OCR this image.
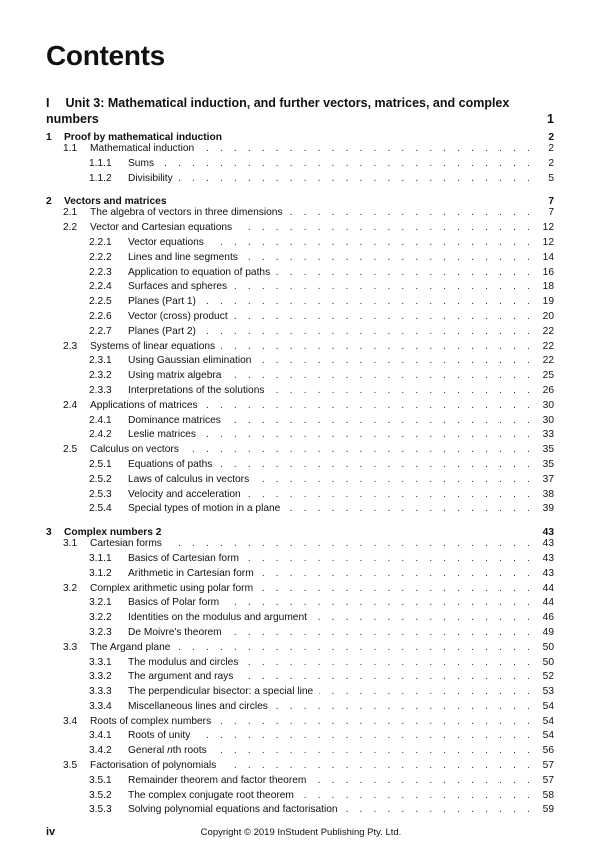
Contents
I Unit 3: Mathematical induction, and further vectors, matrices, and complex numbers	1
1	Proof by mathematical induction	2
1.1	Mathematical induction . . .	2
1.1.1	Sums . . .	2
1.1.2	Divisibility . . .	5
2	Vectors and matrices	7
2.1	The algebra of vectors in three dimensions . . .	7
2.2	Vector and Cartesian equations . . .	12
2.2.1	Vector equations . . .	12
2.2.2	Lines and line segments . . .	14
2.2.3	Application to equation of paths . . .	16
2.2.4	Surfaces and spheres . . .	18
2.2.5	Planes (Part 1) . . .	19
2.2.6	Vector (cross) product . . .	20
2.2.7	Planes (Part 2) . . .	22
2.3	Systems of linear equations . . .	22
2.3.1	Using Gaussian elimination . . .	22
2.3.2	Using matrix algebra . . .	25
2.3.3	Interpretations of the solutions . . .	26
2.4	Applications of matrices . . .	30
2.4.1	Dominance matrices . . .	30
2.4.2	Leslie matrices . . .	33
2.5	Calculus on vectors . . .	35
2.5.1	Equations of paths . . .	35
2.5.2	Laws of calculus in vectors . . .	37
2.5.3	Velocity and acceleration . . .	38
2.5.4	Special types of motion in a plane . . .	39
3	Complex numbers 2	43
3.1	Cartesian forms . . .	43
3.1.1	Basics of Cartesian form . . .	43
3.1.2	Arithmetic in Cartesian form . . .	43
3.2	Complex arithmetic using polar form . . .	44
3.2.1	Basics of Polar form . . .	44
3.2.2	Identities on the modulus and argument . . .	46
3.2.3	De Moivre's theorem . . .	49
3.3	The Argand plane . . .	50
3.3.1	The modulus and circles . . .	50
3.3.2	The argument and rays . . .	52
3.3.3	The perpendicular bisector: a special line . . .	53
3.3.4	Miscellaneous lines and circles . . .	54
3.4	Roots of complex numbers . . .	54
3.4.1	Roots of unity . . .	54
3.4.2	General nth roots . . .	56
3.5	Factorisation of polynomials . . .	57
3.5.1	Remainder theorem and factor theorem . . .	57
3.5.2	The complex conjugate root theorem . . .	58
3.5.3	Solving polynomial equations and factorisation . . .	59
iv	Copyright © 2019 InStudent Publishing Pty. Ltd.
